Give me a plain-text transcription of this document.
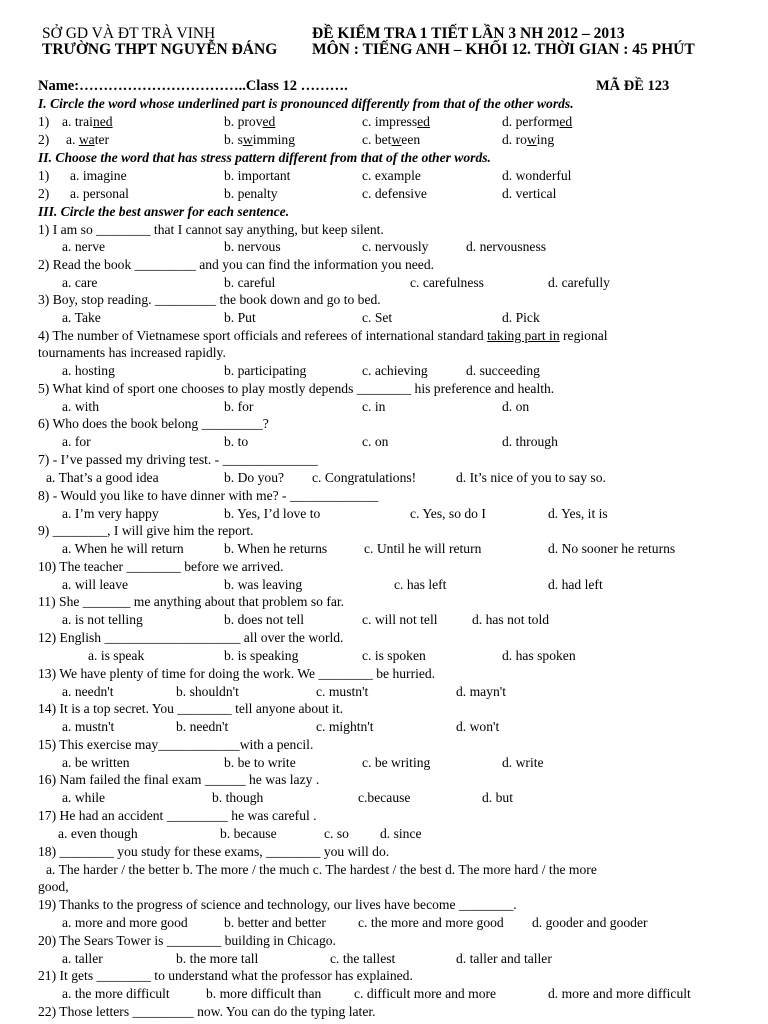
SỞ GD VÀ ĐT TRÀ VINH
TRƯỜNG THPT NGUYỄN ĐÁNG
ĐỀ KIỂM TRA 1 TIẾT LẦN 3 NH 2012 – 2013
MÔN : TIẾNG ANH – KHỐI 12. THỜI GIAN : 45 PHÚT
Name:……………………………..Class 12 ……….	MÃ ĐỀ 123
I. Circle the word whose underlined part is pronounced differently from that of the other words.
1) a. trained	b. proved	c. impressed	d. performed
2) a. water	b. swimming	c. between	d. rowing
II. Choose the word that has stress pattern different from that of the other words.
1) a. imagine	b. important	c. example	d. wonderful
2) a. personal	b. penalty	c. defensive	d. vertical
III. Circle the best answer for each sentence.
1) I am so ________ that I cannot say anything, but keep silent.
a. nerve	b. nervous	c. nervously	d. nervousness
2) Read the book _________ and you can find the information you need.
a. care	b. careful	c. carefulness	d. carefully
3) Boy, stop reading. _________ the book down and go to bed.
a. Take	b. Put	c. Set	d. Pick
4) The number of Vietnamese sport officials and referees of international standard taking part in regional
tournaments has increased rapidly.
a. hosting	b. participating	c. achieving	d. succeeding
5) What kind of sport one chooses to play mostly depends ________ his preference and health.
a. with	b. for	c. in	d. on
6) Who does the book belong _________?
a. for	b. to	c. on	d. through
7) - I’ve passed my driving test. - ______________
a. That’s a good idea	b. Do you? c. Congratulations!	d. It’s nice of you to say so.
8) - Would you like to have dinner with me? - _____________
a. I’m very happy	b. Yes, I’d love to	c. Yes, so do I	d. Yes, it is
9) ________, I will give him the report.
a. When he will return	b. When he returns	c. Until he will return	d. No sooner he returns
10) The teacher ________ before we arrived.
a. will leave	b. was leaving	c. has left	d. had left
11) She _______ me anything about that problem so far.
a. is not telling	b. does not tell	c. will not tell	d. has not told
12) English ____________________ all over the world.
a. is speak	b. is speaking	c. is spoken	d. has spoken
13) We have plenty of time for doing the work. We ________ be hurried.
a. needn't	b. shouldn't	c. mustn't	d. mayn't
14) It is a top secret. You ________ tell anyone about it.
a. mustn't	b. needn't	c. mightn't	d. won't
15) This exercise may____________with a pencil.
a. be written	b. be to write	c. be writing	d. write
16) Nam failed the final exam ______ he was lazy .
a. while	b. though	c.because	d. but
17) He had an accident _________ he was careful .
a. even though	b. because	c. so d. since
18) ________ you study for these exams, ________ you will do.
a. The harder / the better b. The more / the much c. The hardest / the best d. The more hard / the more
good,
19) Thanks to the progress of science and technology, our lives have become ________.
a. more and more good	b. better and better c. the more and more good d. gooder and gooder
20) The Sears Tower is ________ building in Chicago.
a. taller	b. the more tall	c. the tallest	d. taller and taller
21) It gets ________ to understand what the professor has explained.
a. the more difficult	b. more difficult than c. difficult more and more	d. more and more difficult
22) Those letters _________ now. You can do the typing later.
